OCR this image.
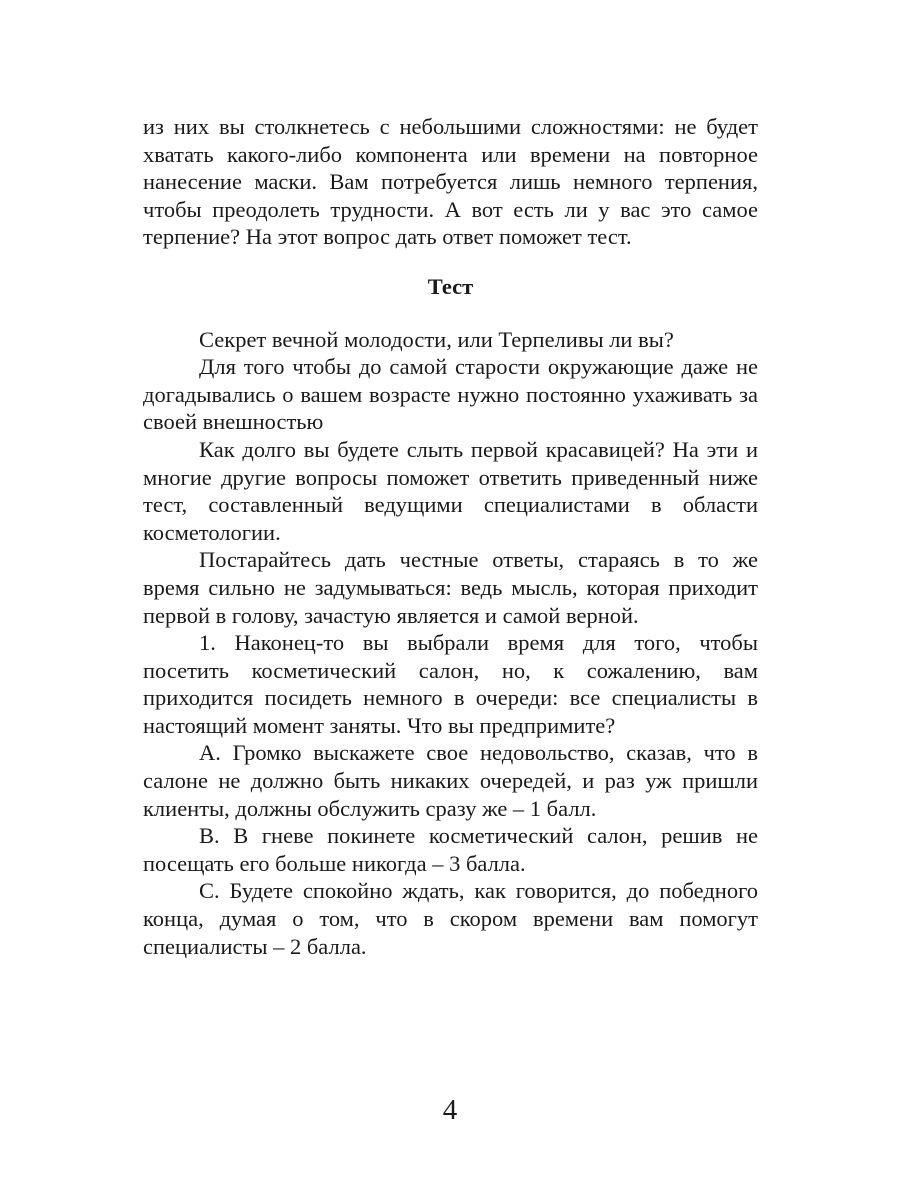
из них вы столкнетесь с небольшими сложностями: не будет хватать какого-либо компонента или времени на повторное нанесение маски. Вам потребуется лишь немного терпения, чтобы преодолеть трудности. А вот есть ли у вас это самое терпение? На этот вопрос дать ответ поможет тест.

Тест

Секрет вечной молодости, или Терпеливы ли вы?

Для того чтобы до самой старости окружающие даже не догадывались о вашем возрасте нужно постоянно ухаживать за своей внешностью

Как долго вы будете слыть первой красавицей? На эти и многие другие вопросы поможет ответить приведенный ниже тест, составленный ведущими специалистами в области косметологии.

Постарайтесь дать честные ответы, стараясь в то же время сильно не задумываться: ведь мысль, которая приходит первой в голову, зачастую является и самой верной.

1. Наконец-то вы выбрали время для того, чтобы посетить косметический салон, но, к сожалению, вам приходится посидеть немного в очереди: все специалисты в настоящий момент заняты. Что вы предпримите?

А. Громко выскажете свое недовольство, сказав, что в салоне не должно быть никаких очередей, и раз уж пришли клиенты, должны обслужить сразу же – 1 балл.

В. В гневе покинете косметический салон, решив не посещать его больше никогда – 3 балла.

С. Будете спокойно ждать, как говорится, до победного конца, думая о том, что в скором времени вам помогут специалисты – 2 балла.

4
